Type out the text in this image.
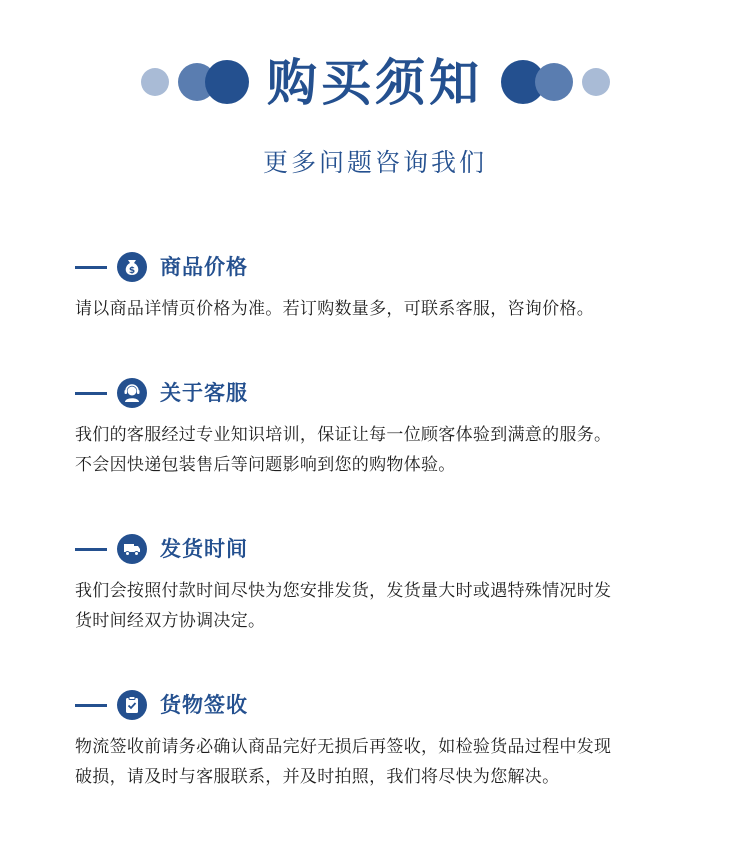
购买须知
更多问题咨询我们
$ 商品价格
请以商品详情页价格为准。若订购数量多，可联系客服，咨询价格。
关于客服
我们的客服经过专业知识培训，保证让每一位顾客体验到满意的服务。
不会因快递包装售后等问题影响到您的购物体验。
发货时间
我们会按照付款时间尽快为您安排发货，发货量大时或遇特殊情况时发
货时间经双方协调决定。
货物签收
物流签收前请务必确认商品完好无损后再签收，如检验货品过程中发现
破损，请及时与客服联系，并及时拍照，我们将尽快为您解决。
